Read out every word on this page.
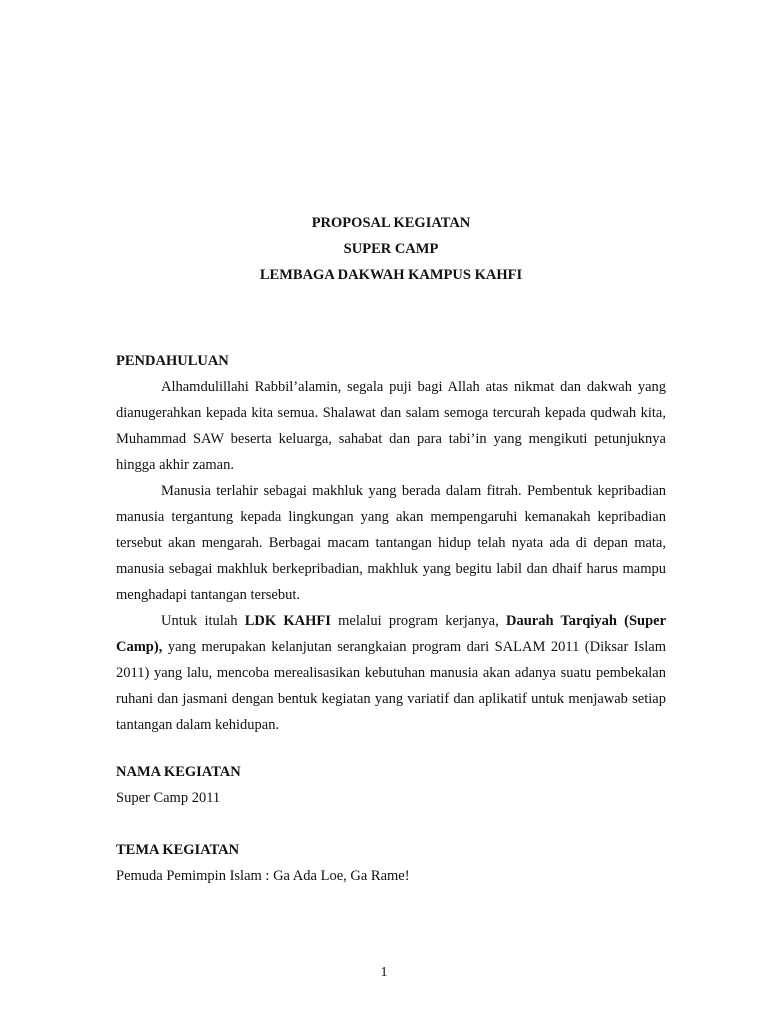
PROPOSAL KEGIATAN
SUPER CAMP
LEMBAGA DAKWAH KAMPUS KAHFI
PENDAHULUAN

Alhamdulillahi Rabbil’alamin, segala puji bagi Allah atas nikmat dan dakwah yang dianugerahkan kepada kita semua. Shalawat dan salam semoga tercurah kepada qudwah kita, Muhammad SAW beserta keluarga, sahabat dan para tabi’in yang mengikuti petunjuknya hingga akhir zaman.

Manusia terlahir sebagai makhluk yang berada dalam fitrah. Pembentuk kepribadian manusia tergantung kepada lingkungan yang akan mempengaruhi kemanakah kepribadian tersebut akan mengarah. Berbagai macam tantangan hidup telah nyata ada di depan mata, manusia sebagai makhluk berkepribadian, makhluk yang begitu labil dan dhaif harus mampu menghadapi tantangan tersebut.

Untuk itulah LDK KAHFI melalui program kerjanya, Daurah Tarqiyah (Super Camp), yang merupakan kelanjutan serangkaian program dari SALAM 2011 (Diksar Islam 2011) yang lalu, mencoba merealisasikan kebutuhan manusia akan adanya suatu pembekalan ruhani dan jasmani dengan bentuk kegiatan yang variatif dan aplikatif untuk menjawab setiap tantangan dalam kehidupan.

NAMA KEGIATAN

Super Camp 2011

TEMA KEGIATAN

Pemuda Pemimpin Islam : Ga Ada Loe, Ga Rame!

1
